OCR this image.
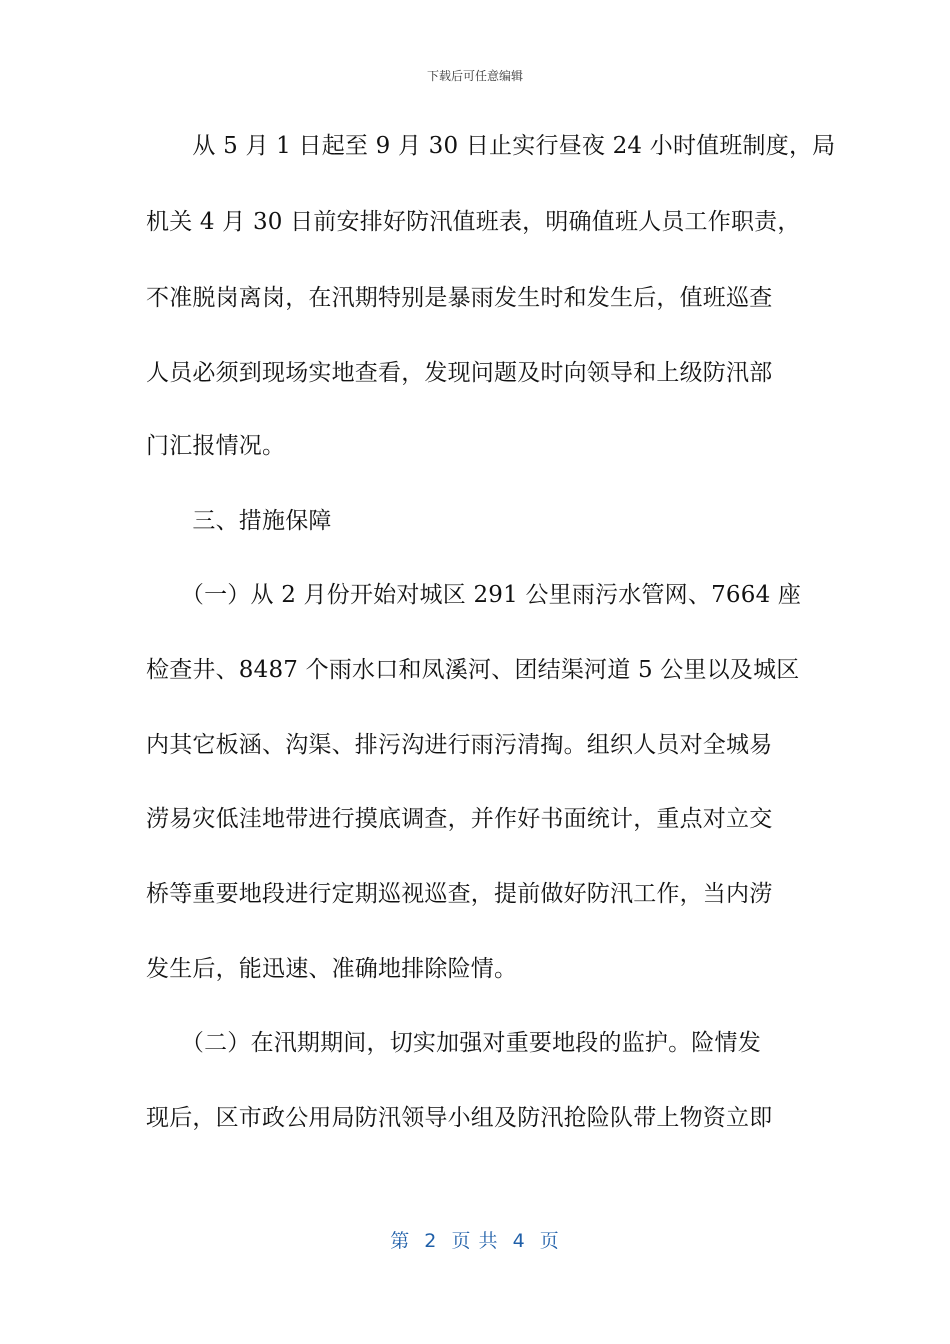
下载后可任意编辑
　　从 5 月 1 日起至 9 月 30 日止实行昼夜 24 小时值班制度，局
机关 4 月 30 日前安排好防汛值班表，明确值班人员工作职责，
不准脱岗离岗，在汛期特别是暴雨发生时和发生后，值班巡查
人员必须到现场实地查看，发现问题及时向领导和上级防汛部
门汇报情况。
　　三、措施保障
　　（一）从 2 月份开始对城区 291 公里雨污水管网、7664 座
检查井、8487 个雨水口和凤溪河、团结渠河道 5 公里以及城区
内其它板涵、沟渠、排污沟进行雨污清掏。组织人员对全城易
涝易灾低洼地带进行摸底调查，并作好书面统计，重点对立交
桥等重要地段进行定期巡视巡查，提前做好防汛工作，当内涝
发生后，能迅速、准确地排除险情。
　　（二）在汛期期间，切实加强对重要地段的监护。险情发
现后，区市政公用局防汛领导小组及防汛抢险队带上物资立即
第  2  页 共  4  页
